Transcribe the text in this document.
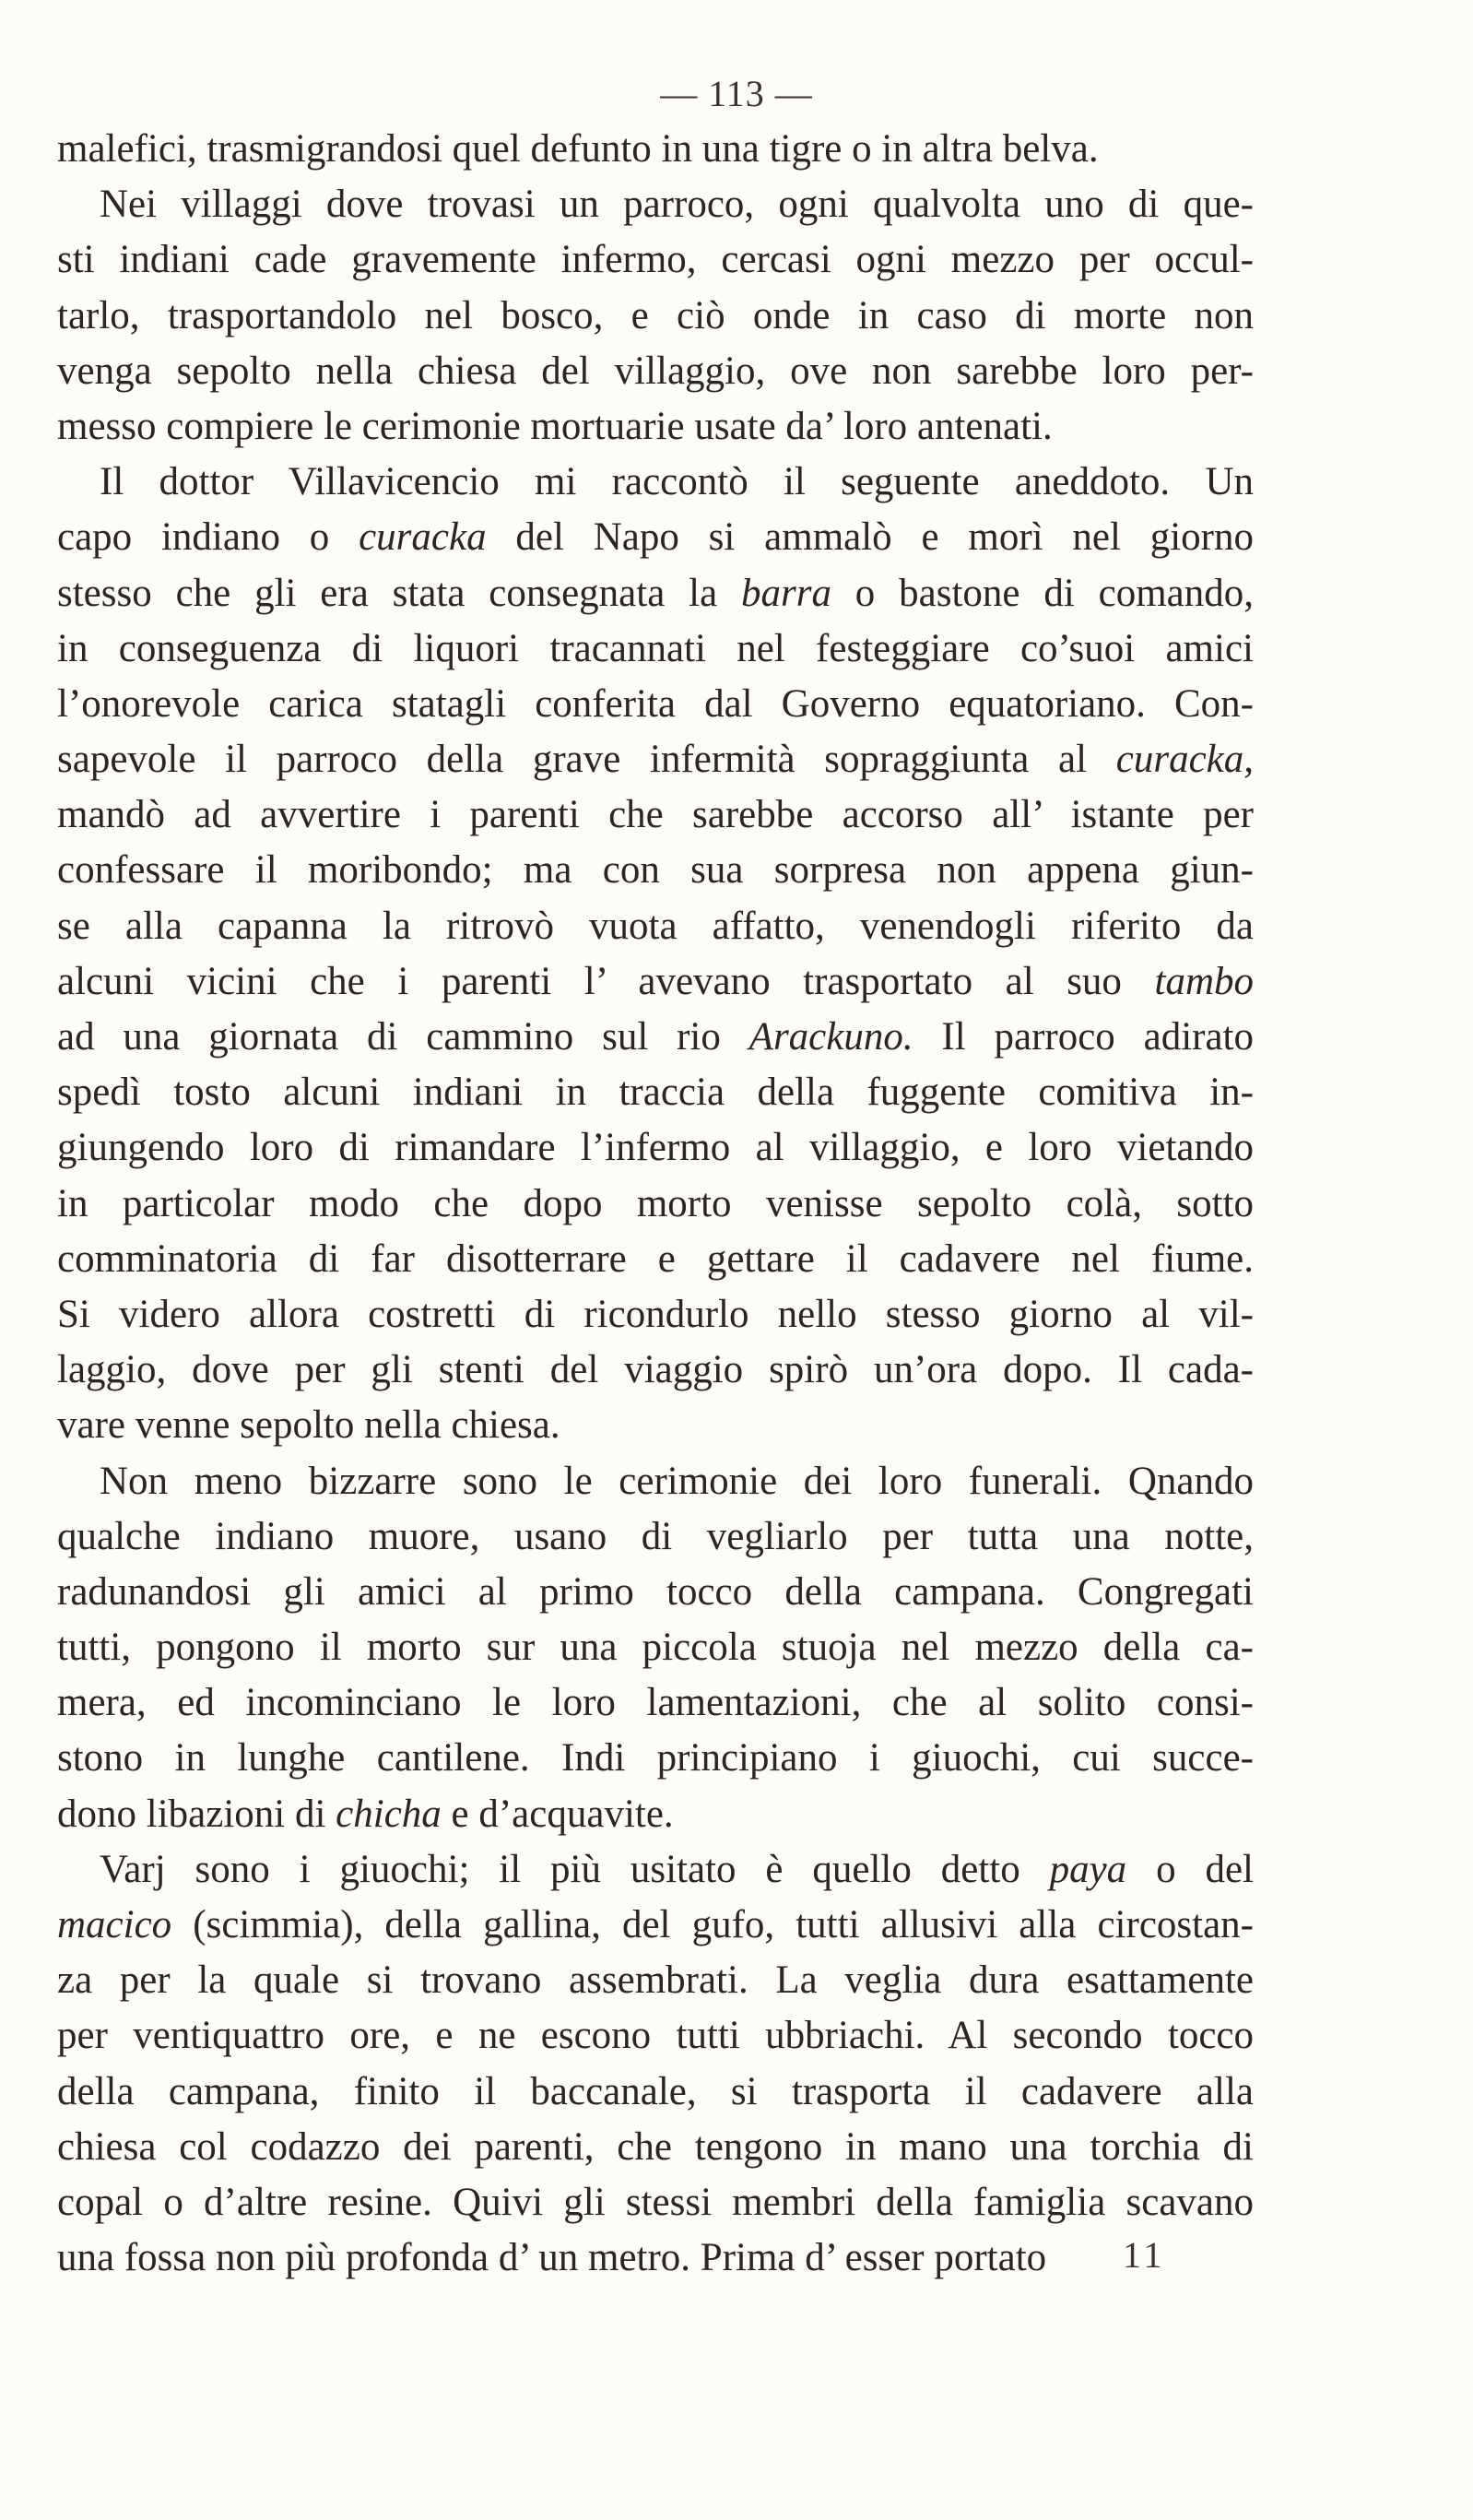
— 113 —
malefici, trasmigrandosi quel defunto in una tigre o in altra belva.
Nei villaggi dove trovasi un parroco, ogni qualvolta uno di que-
sti indiani cade gravemente infermo, cercasi ogni mezzo per occul-
tarlo, trasportandolo nel bosco, e ciò onde in caso di morte non
venga sepolto nella chiesa del villaggio, ove non sarebbe loro per-
messo compiere le cerimonie mortuarie usate da’ loro antenati.
Il dottor Villavicencio mi raccontò il seguente aneddoto. Un
capo indiano o curacka del Napo si ammalò e morì nel giorno
stesso che gli era stata consegnata la barra o bastone di comando,
in conseguenza di liquori tracannati nel festeggiare co’suoi amici
l’onorevole carica statagli conferita dal Governo equatoriano. Con-
sapevole il parroco della grave infermità sopraggiunta al curacka,
mandò ad avvertire i parenti che sarebbe accorso all’ istante per
confessare il moribondo; ma con sua sorpresa non appena giun-
se alla capanna la ritrovò vuota affatto, venendogli riferito da
alcuni vicini che i parenti l’ avevano trasportato al suo tambo
ad una giornata di cammino sul rio Arackuno. Il parroco adirato
spedì tosto alcuni indiani in traccia della fuggente comitiva in-
giungendo loro di rimandare l’infermo al villaggio, e loro vietando
in particolar modo che dopo morto venisse sepolto colà, sotto
comminatoria di far disotterrare e gettare il cadavere nel fiume.
Si videro allora costretti di ricondurlo nello stesso giorno al vil-
laggio, dove per gli stenti del viaggio spirò un’ora dopo. Il cada-
vare venne sepolto nella chiesa.
Non meno bizzarre sono le cerimonie dei loro funerali. Qnando
qualche indiano muore, usano di vegliarlo per tutta una notte,
radunandosi gli amici al primo tocco della campana. Congregati
tutti, pongono il morto sur una piccola stuoja nel mezzo della ca-
mera, ed incominciano le loro lamentazioni, che al solito consi-
stono in lunghe cantilene. Indi principiano i giuochi, cui succe-
dono libazioni di chicha e d’acquavite.
Varj sono i giuochi; il più usitato è quello detto paya o del
macico (scimmia), della gallina, del gufo, tutti allusivi alla circostan-
za per la quale si trovano assembrati. La veglia dura esattamente
per ventiquattro ore, e ne escono tutti ubbriachi. Al secondo tocco
della campana, finito il baccanale, si trasporta il cadavere alla
chiesa col codazzo dei parenti, che tengono in mano una torchia di
copal o d’altre resine. Quivi gli stessi membri della famiglia scavano
una fossa non più profonda d’ un metro. Prima d’ esser portato	11
